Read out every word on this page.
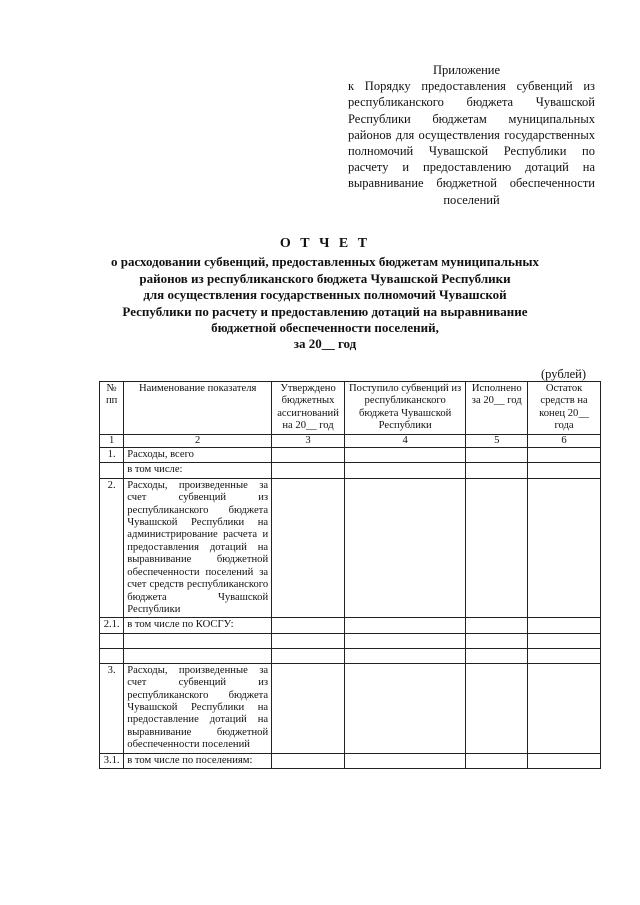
Приложение
к Порядку предоставления субвенций из республиканского бюджета Чувашской Республики бюджетам муниципальных районов для осуществления государственных полномочий Чувашской Республики по расчету и предоставлению дотаций на выравнивание бюджетной обеспеченности поселений
О Т Ч Е Т
о расходовании субвенций, предоставленных бюджетам муниципальных
районов из республиканского бюджета Чувашской Республики
для осуществления государственных полномочий Чувашской
Республики по расчету и предоставлению дотаций на выравнивание
бюджетной обеспеченности поселений,
за 20__ год
(рублей)
№ пп	Наименование показателя	Утверждено бюджетных ассигнований на 20__ год	Поступило субвенций из республиканского бюджета Чувашской Республики	Исполнено за 20__ год	Остаток средств на конец 20__ года
1	2	3	4	5	6
1.	Расходы, всего				
	в том числе:				
2.	Расходы, произведенные за счет субвенций из республиканского бюджета Чувашской Республики на администрирование расчета и предоставления дотаций на выравнивание бюджетной обеспеченности поселений за счет средств республиканского бюджета Чувашской Республики				
2.1.	в том числе по КОСГУ:				

3.	Расходы, произведенные за счет субвенций из республиканского бюджета Чувашской Республики на предоставление дотаций на выравнивание бюджетной обеспеченности поселений				
3.1.	в том числе по поселениям:				
